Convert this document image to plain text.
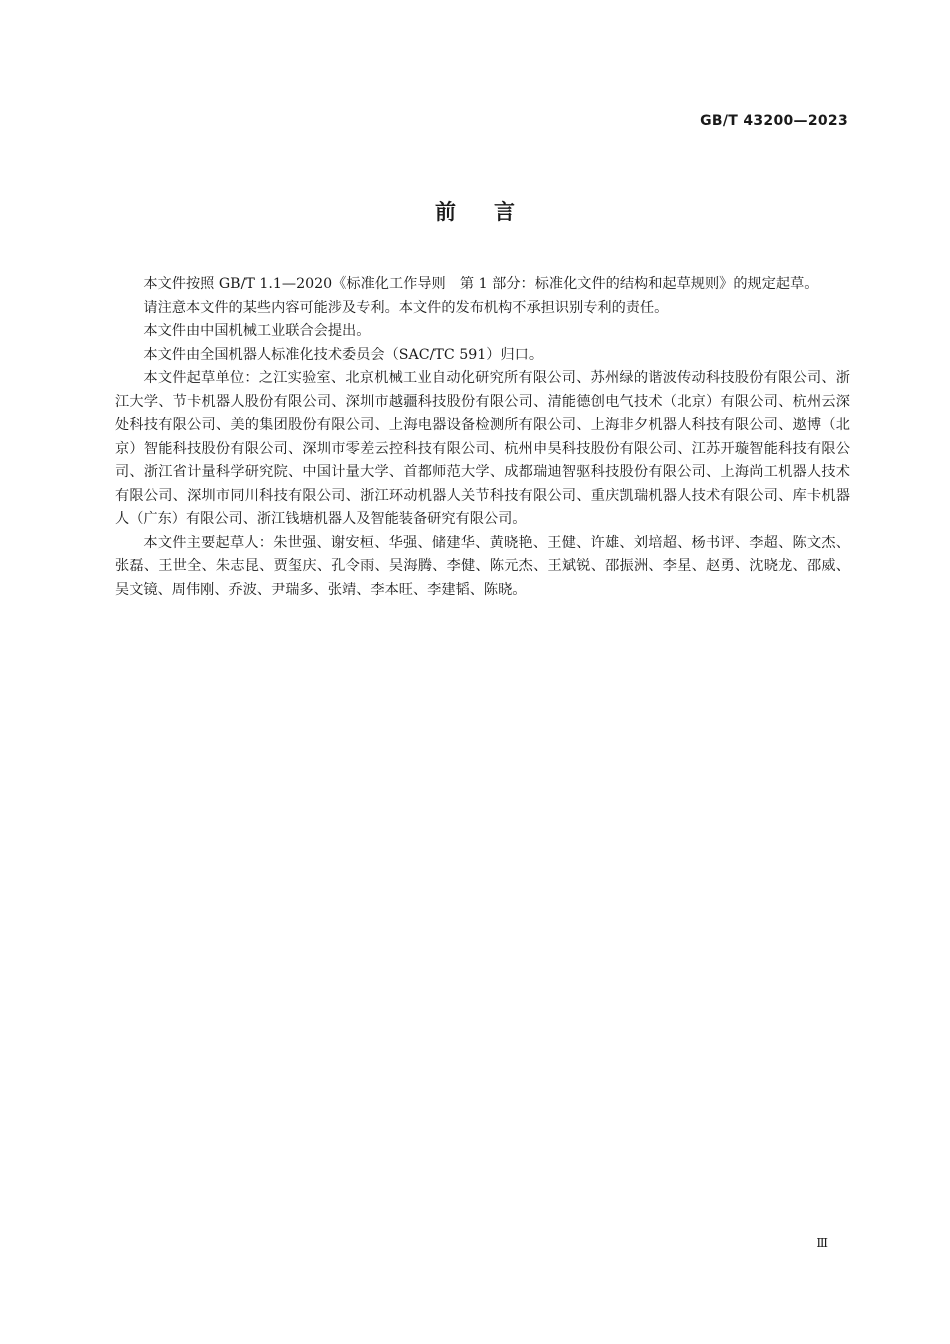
GB/T 43200—2023
前言

本文件按照 GB/T 1.1—2020《标准化工作导则　第 1 部分：标准化文件的结构和起草规则》的规定起草。

请注意本文件的某些内容可能涉及专利。本文件的发布机构不承担识别专利的责任。

本文件由中国机械工业联合会提出。

本文件由全国机器人标准化技术委员会（SAC/TC 591）归口。

本文件起草单位：之江实验室、北京机械工业自动化研究所有限公司、苏州绿的谐波传动科技股份有限公司、浙江大学、节卡机器人股份有限公司、深圳市越疆科技股份有限公司、清能德创电气技术（北京）有限公司、杭州云深处科技有限公司、美的集团股份有限公司、上海电器设备检测所有限公司、上海非夕机器人科技有限公司、遨博（北京）智能科技股份有限公司、深圳市零差云控科技有限公司、杭州申昊科技股份有限公司、江苏开璇智能科技有限公司、浙江省计量科学研究院、中国计量大学、首都师范大学、成都瑞迪智驱科技股份有限公司、上海尚工机器人技术有限公司、深圳市同川科技有限公司、浙江环动机器人关节科技有限公司、重庆凯瑞机器人技术有限公司、库卡机器人（广东）有限公司、浙江钱塘机器人及智能装备研究有限公司。

本文件主要起草人：朱世强、谢安桓、华强、储建华、黄晓艳、王健、许雄、刘培超、杨书评、李超、陈文杰、张磊、王世全、朱志昆、贾玺庆、孔令雨、吴海腾、李健、陈元杰、王斌锐、邵振洲、李星、赵勇、沈晓龙、邵威、吴文镜、周伟刚、乔波、尹瑞多、张靖、李本旺、李建韬、陈晓。

Ⅲ
